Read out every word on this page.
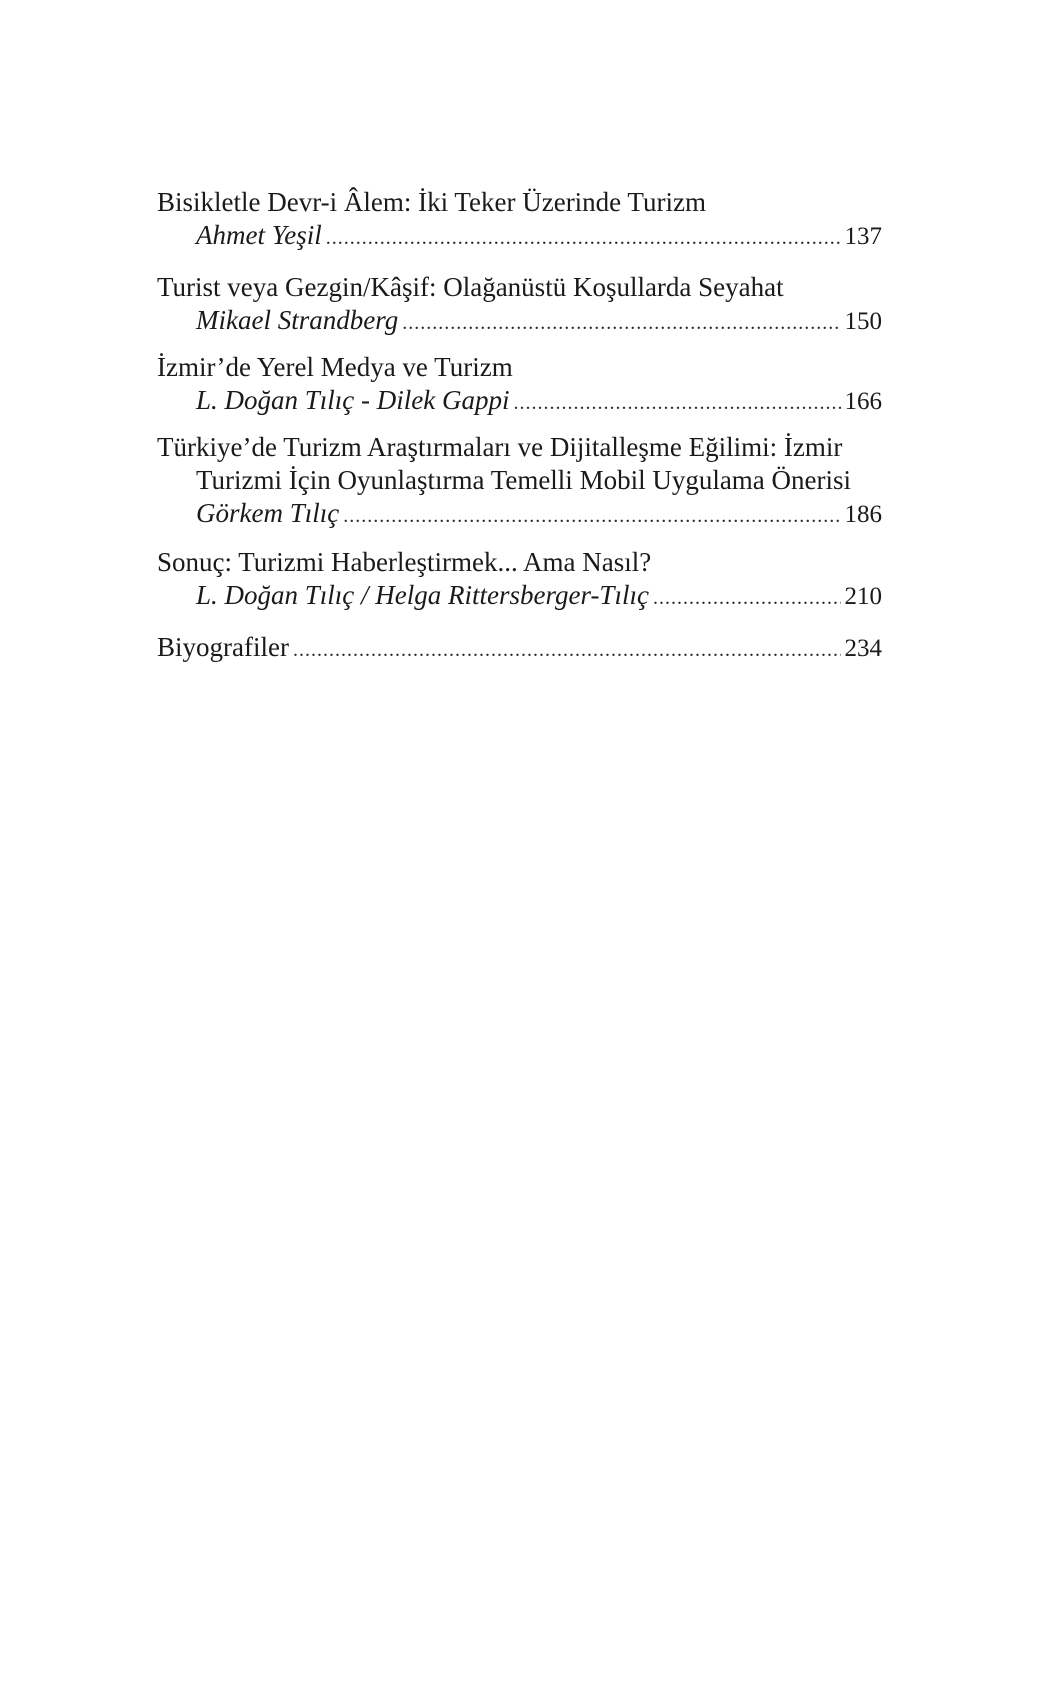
Bisikletle Devr-i Âlem: İki Teker Üzerinde Turizm
Ahmet Yeşil .....	137
Turist veya Gezgin/Kâşif: Olağanüstü Koşullarda Seyahat
Mikael Strandberg .....	150
İzmir’de Yerel Medya ve Turizm
L. Doğan Tılıç - Dilek Gappi .....	166
Türkiye’de Turizm Araştırmaları ve Dijitalleşme Eğilimi: İzmir
Turizmi İçin Oyunlaştırma Temelli Mobil Uygulama Önerisi
Görkem Tılıç .....	186
Sonuç: Turizmi Haberleştirmek... Ama Nasıl?
L. Doğan Tılıç / Helga Rittersberger-Tılıç .....	210
Biyografiler .....	234
